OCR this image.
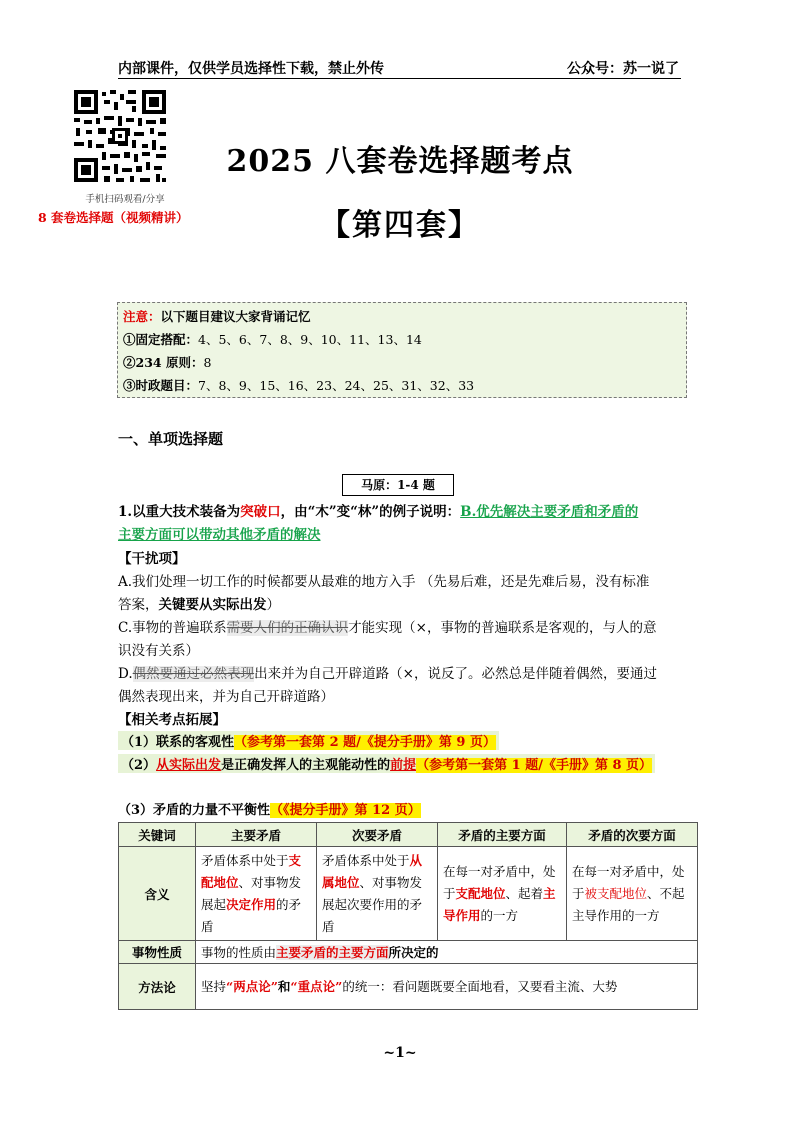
内部课件，仅供学员选择性下载，禁止外传	公众号：苏一说了
手机扫码观看/分享
8 套卷选择题（视频精讲）
2025 八套卷选择题考点
【第四套】
注意：以下题目建议大家背诵记忆
①固定搭配：4、5、6、7、8、9、10、11、13、14
②234 原则：8
③时政题目：7、8、9、15、16、23、24、25、31、32、33
一、单项选择题
马原：1-4 题
1.以重大技术装备为突破口，由“木”变“林”的例子说明：B.优先解决主要矛盾和矛盾的
主要方面可以带动其他矛盾的解决
【干扰项】
A.我们处理一切工作的时候都要从最难的地方入手 （先易后难，还是先难后易，没有标准
答案，关键要从实际出发）
C.事物的普遍联系需要人们的正确认识才能实现（×，事物的普遍联系是客观的，与人的意
识没有关系）
D.偶然要通过必然表现出来并为自己开辟道路（×，说反了。必然总是伴随着偶然，要通过
偶然表现出来，并为自己开辟道路）
【相关考点拓展】
（1）联系的客观性（参考第一套第 2 题/《提分手册》第 9 页）
（2）从实际出发是正确发挥人的主观能动性的前提（参考第一套第 1 题/《手册》第 8 页）
（3）矛盾的力量不平衡性（《提分手册》第 12 页）
关键词	主要矛盾	次要矛盾	矛盾的主要方面	矛盾的次要方面
含义	矛盾体系中处于支配地位、对事物发展起决定作用的矛盾	矛盾体系中处于从属地位、对事物发展起次要作用的矛盾	在每一对矛盾中，处于支配地位、起着主导作用的一方	在每一对矛盾中，处于被支配地位、不起主导作用的一方
事物性质	事物的性质由主要矛盾的主要方面所决定的			
方法论	坚持“两点论”和“重点论”的统一：看问题既要全面地看，又要看主流、大势			
~1~
